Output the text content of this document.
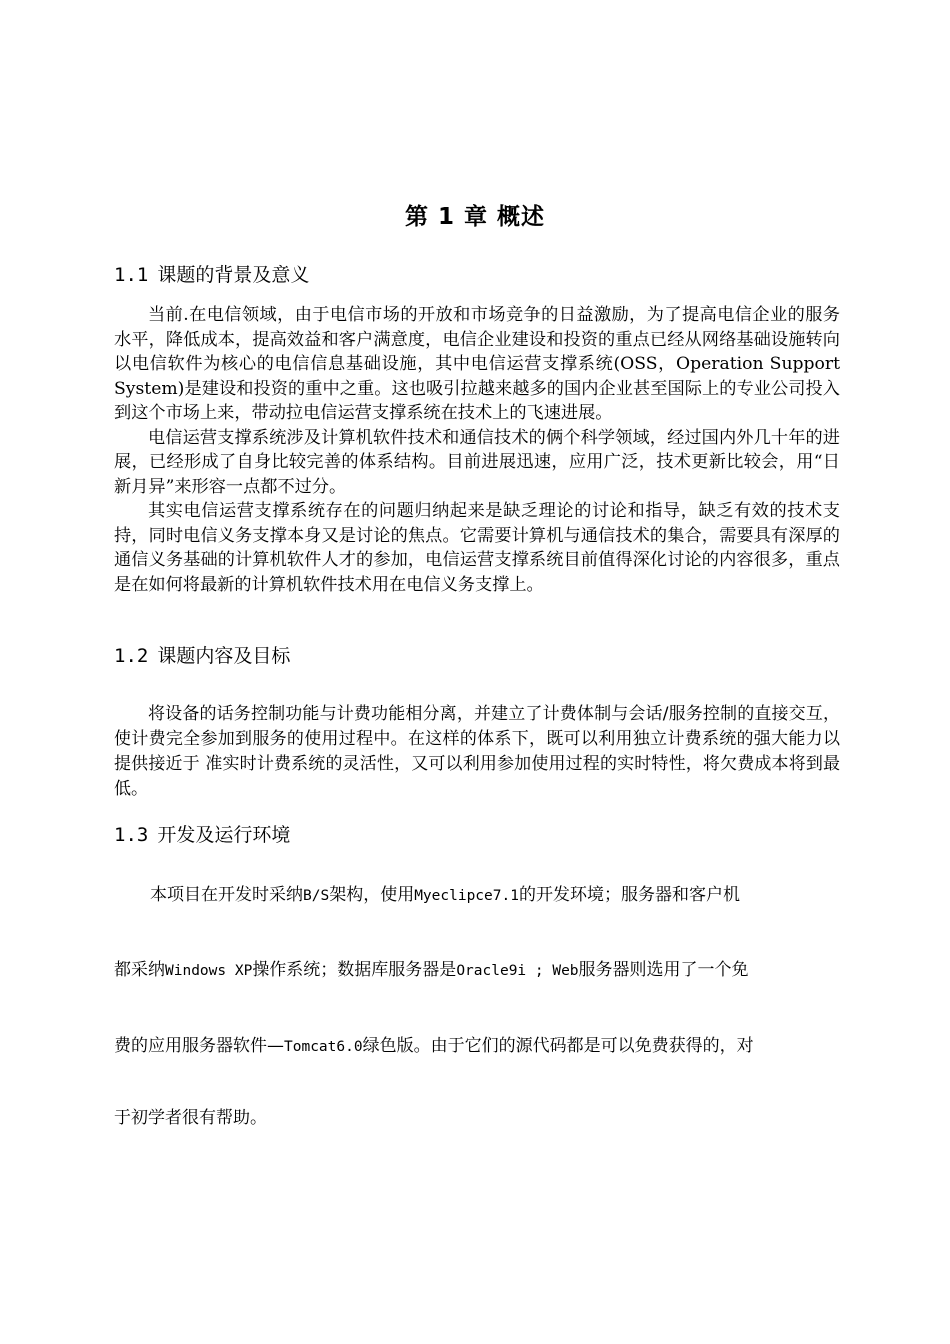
第 1 章 概述
1.1 课题的背景及意义

当前.在电信领域，由于电信市场的开放和市场竞争的日益激励，为了提高电信企业的服务水平，降低成本，提高效益和客户满意度，电信企业建设和投资的重点已经从网络基础设施转向以电信软件为核心的电信信息基础设施，其中电信运营支撑系统(OSS，Operation Support System)是建设和投资的重中之重。这也吸引拉越来越多的国内企业甚至国际上的专业公司投入到这个市场上来，带动拉电信运营支撑系统在技术上的飞速进展。

电信运营支撑系统涉及计算机软件技术和通信技术的俩个科学领域，经过国内外几十年的进展，已经形成了自身比较完善的体系结构。目前进展迅速，应用广泛，技术更新比较会，用“日新月异”来形容一点都不过分。

其实电信运营支撑系统存在的问题归纳起来是缺乏理论的讨论和指导，缺乏有效的技术支持，同时电信义务支撑本身又是讨论的焦点。它需要计算机与通信技术的集合，需要具有深厚的通信义务基础的计算机软件人才的参加，电信运营支撑系统目前值得深化讨论的内容很多，重点是在如何将最新的计算机软件技术用在电信义务支撑上。

1.2 课题内容及目标

将设备的话务控制功能与计费功能相分离，并建立了计费体制与会话/服务控制的直接交互，使计费完全参加到服务的使用过程中。在这样的体系下，既可以利用独立计费系统的强大能力以提供接近于 准实时计费系统的灵活性，又可以利用参加使用过程的实时特性，将欠费成本将到最低。

1.3 开发及运行环境
本项目在开发时采纳B/S架构，使用Myeclipce7.1的开发环境；服务器和客户机
都采纳Windows XP操作系统；数据库服务器是Oracle9i ; Web服务器则选用了一个免
费的应用服务器软件—Tomcat6.0绿色版。由于它们的源代码都是可以免费获得的，对
于初学者很有帮助。
